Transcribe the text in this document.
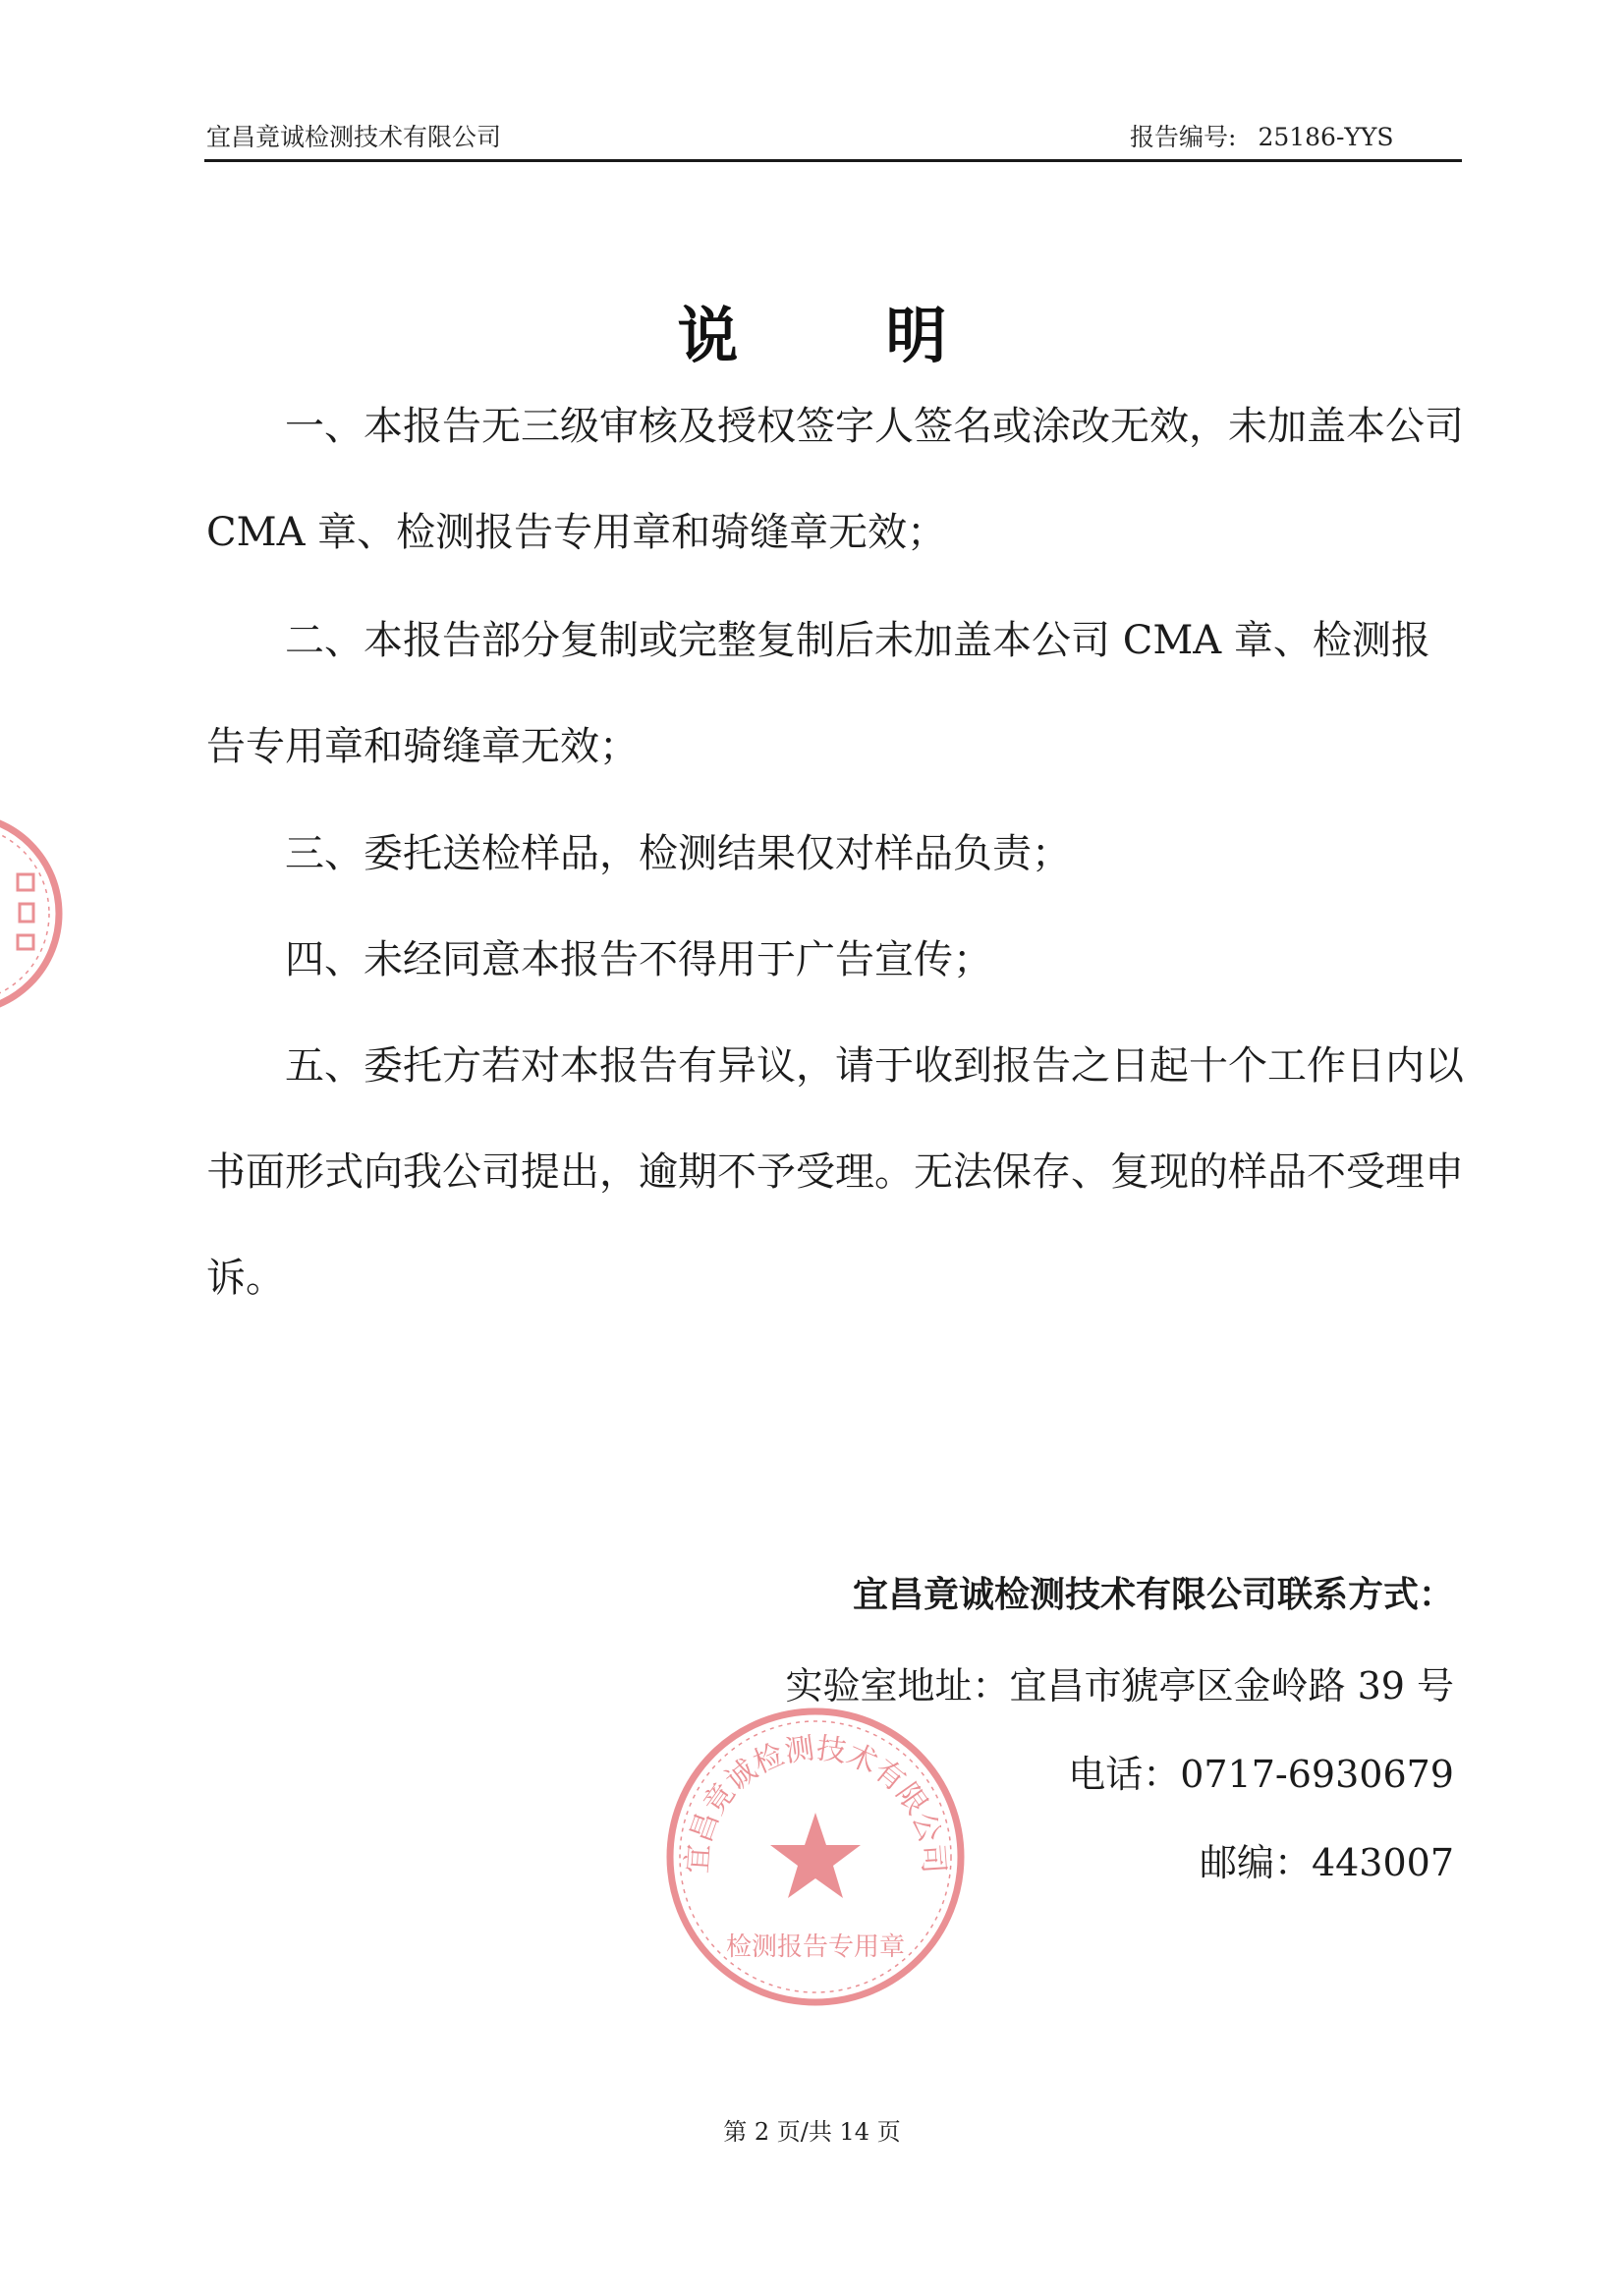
宜昌竟诚检测技术有限公司	报告编号: 25186-YYS
说明
一、本报告无三级审核及授权签字人签名或涂改无效，未加盖本公司 CMA 章、检测报告专用章和骑缝章无效；
二、本报告部分复制或完整复制后未加盖本公司 CMA 章、检测报告专用章和骑缝章无效；
三、委托送检样品，检测结果仅对样品负责；
四、未经同意本报告不得用于广告宣传；
五、委托方若对本报告有异议，请于收到报告之日起十个工作日内以书面形式向我公司提出，逾期不予受理。无法保存、复现的样品不受理申诉。
宜昌竟诚检测技术有限公司联系方式：
实验室地址：宜昌市猇亭区金岭路 39 号
电话：0717-6930679
邮编：443007
宜昌竟诚检测技术有限公司
检测报告专用章
第 2 页/共 14 页
